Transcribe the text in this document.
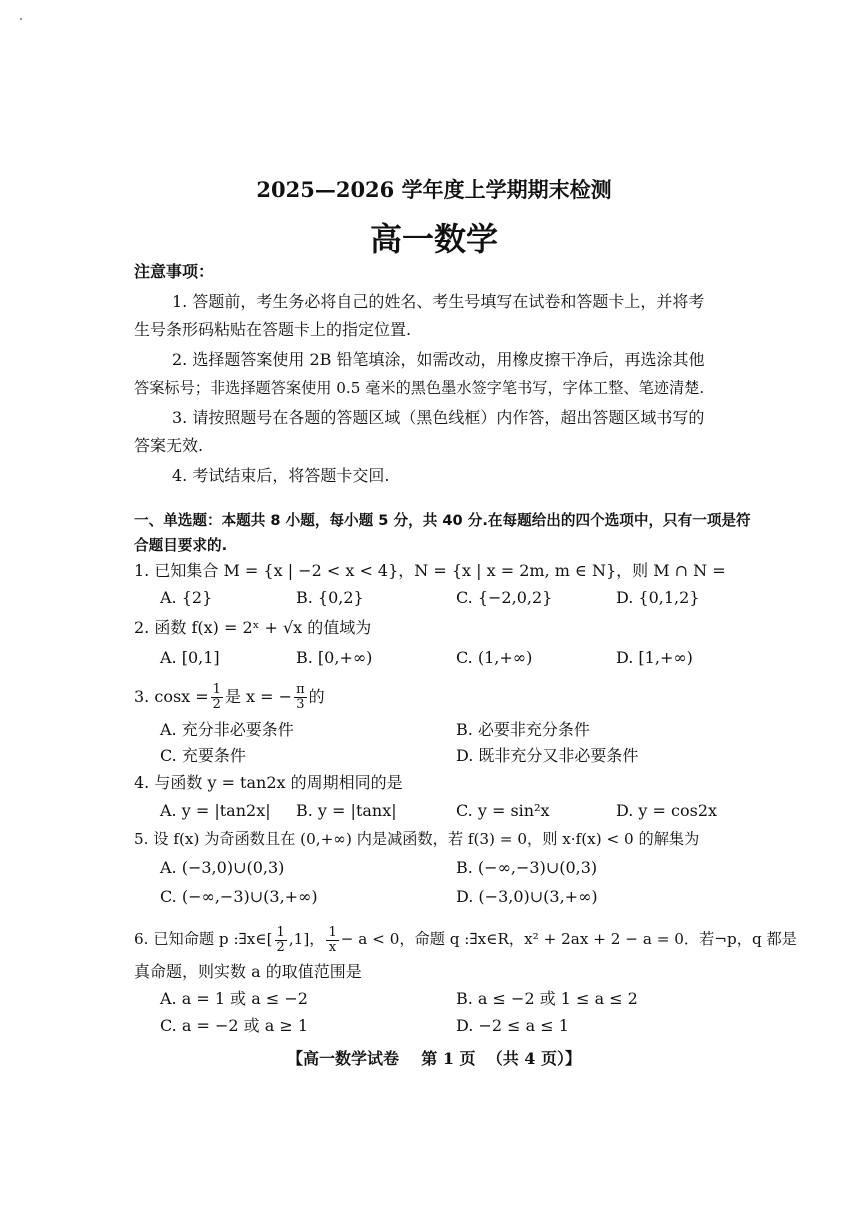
2025—2026 学年度上学期期末检测
高一数学
注意事项：
1. 答题前，考生务必将自己的姓名、考生号填写在试卷和答题卡上，并将考
生号条形码粘贴在答题卡上的指定位置.
2. 选择题答案使用 2B 铅笔填涂，如需改动，用橡皮擦干净后，再选涂其他
答案标号；非选择题答案使用 0.5 毫米的黑色墨水签字笔书写，字体工整、笔迹清楚.
3. 请按照题号在各题的答题区域（黑色线框）内作答，超出答题区域书写的
答案无效.
4. 考试结束后，将答题卡交回.
一、单选题：本题共 8 小题，每小题 5 分，共 40 分.在每题给出的四个选项中，只有一项是符
合题目要求的.
1. 已知集合 M = {x | −2 < x < 4}，N = {x | x = 2m, m ∈ N}，则 M ∩ N =
A. {2}	B. {0,2}	C. {−2,0,2}	D. {0,1,2}
2. 函数 f(x) = 2ˣ + √x 的值域为
A. [0,1]	B. [0,+∞)	C. (1,+∞)	D. [1,+∞)
3. $\cos x = \frac{1}{2}$ 是 x = − $\frac{\pi}{3}$ 的
A. 充分非必要条件	B. 必要非充分条件
C. 充要条件	D. 既非充分又非必要条件
4. 与函数 y = tan2x 的周期相同的是
A. y = |tan2x| B. y = |tanx|	C. y = sin²x	D. y = cos2x
5. 设 f(x) 为奇函数且在 (0,+∞) 内是减函数，若 f(3) = 0，则 x·f(x) < 0 的解集为
A. (−3,0)∪(0,3)	B. (−∞,−3)∪(0,3)
C. (−∞,−3)∪(3,+∞)	D. (−3,0)∪(3,+∞)
6. 已知命题 p :∃x∈[ $\frac{1}{2} ,1$]， $\frac{1}{x} - a < 0$，命题 q :∃x∈R，x² + 2ax + 2 − a = 0．若¬p，q 都是
真命题，则实数 a 的取值范围是
A. a = 1 或 a ≤ −2	B. a ≤ −2 或 1 ≤ a ≤ 2
C. a = −2 或 a ≥ 1	D. −2 ≤ a ≤ 1
【高一数学试卷    第 1 页  （共 4 页）】
